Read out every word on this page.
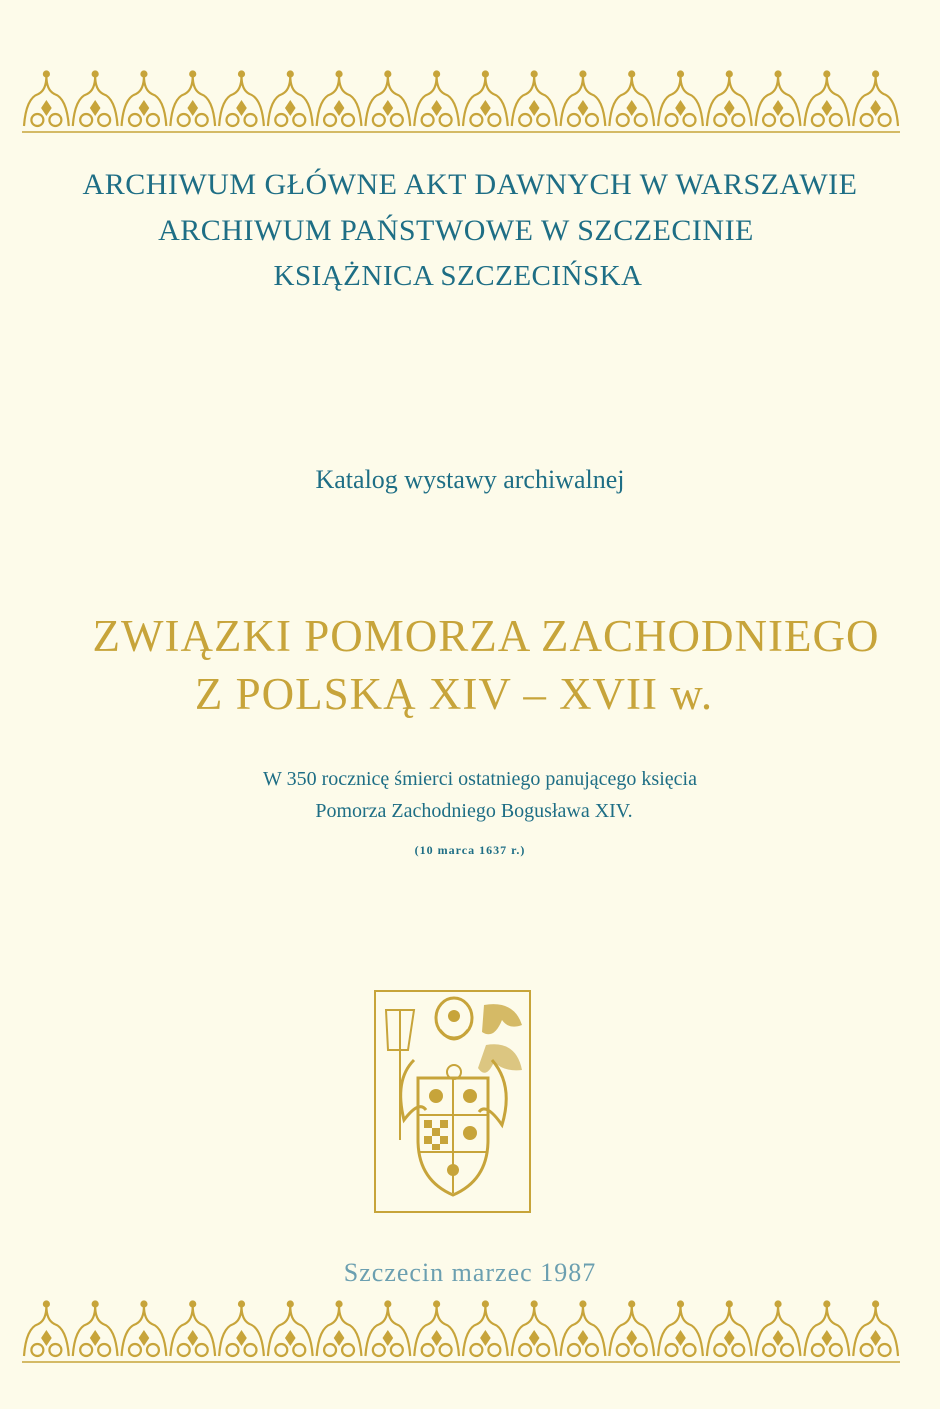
ARCHIWUM GŁÓWNE AKT DAWNYCH W WARSZAWIE
ARCHIWUM PAŃSTWOWE W SZCZECINIE
KSIĄŻNICA SZCZECIŃSKA
Katalog wystawy archiwalnej
ZWIĄZKI POMORZA ZACHODNIEGO
Z POLSKĄ XIV – XVII w.
W 350 rocznicę śmierci ostatniego panującego księcia
Pomorza Zachodniego Bogusława XIV.
(10 marca 1637 r.)
Szczecin marzec 1987
